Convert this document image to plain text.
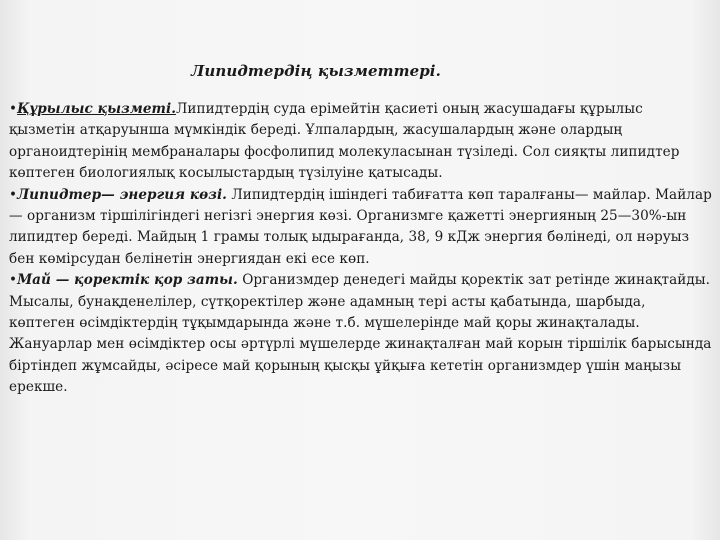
Липидтердің қызметтері.

•Құрылыс қызметі.Липидтердің суда ерімейтін қасиеті оның жасушадағы құрылыс қызметін атқаруынша мүмкіндік береді. Ұлпалардың, жасушалардың және олардың органоидтерінің мембраналары фосфолипид молекуласынан түзіледі. Сол сияқты липидтер көптеген биологиялық косылыстардың түзілуіне қатысады.

•Липидтер— энергия көзі. Липидтердің ішіндегі табиғатта көп таралғаны— майлар. Майлар — организм тіршілігіндегі негізгі энергия көзі. Организмге қажетті энергияның 25—30%-ын липидтер береді. Майдың 1 грамы толық ыдырағанда, 38, 9 кДж энергия бөлінеді, ол нәруыз бен көмірсудан белінетін энергиядан екі есе көп.

•Май — қоректік қор заты. Организмдер денедегі майды қоректік зат ретінде жинақтайды. Мысалы, бунақденелілер, сүтқоректілер және адамның тері асты қабатында, шарбыда, көптеген өсімдіктердің тұқымдарында және т.б. мүшелерінде май қоры жинақталады. Жануарлар мен өсімдіктер осы әртүрлі мүшелерде жинақталған май корын тіршілік барысында біртіндеп жұмсайды, әсіресе май қорының қысқы ұйқыға кететін организмдер үшін маңызы ерекше.
